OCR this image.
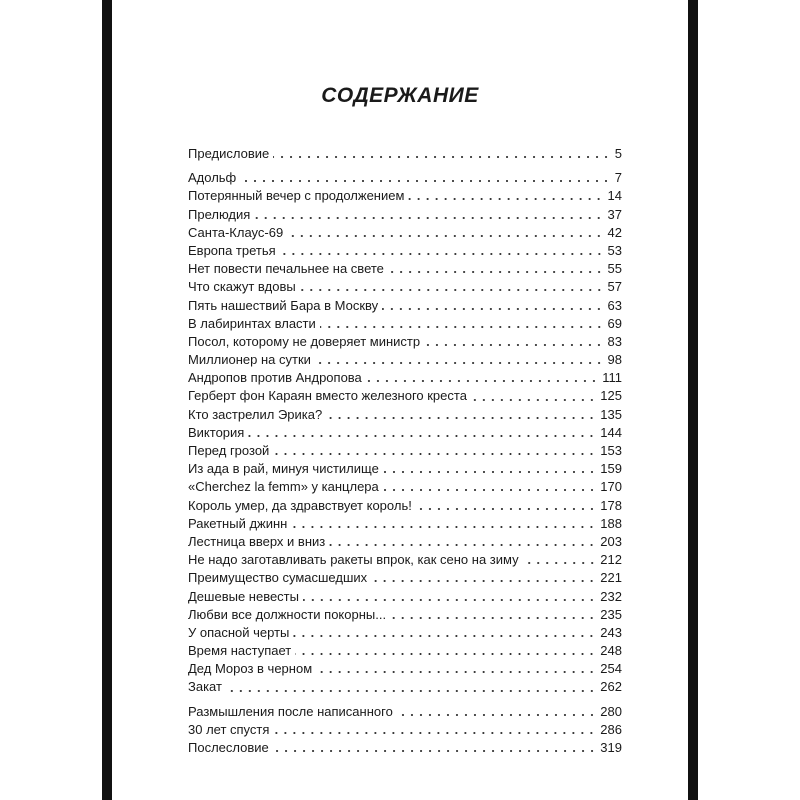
СОДЕРЖАНИЕ
Предисловие	5
Адольф	7
Потерянный вечер с продолжением	14
Прелюдия	37
Санта-Клаус-69	42
Европа третья	53
Нет повести печальнее на свете	55
Что скажут вдовы	57
Пять нашествий Бара в Москву	63
В лабиринтах власти	69
Посол, которому не доверяет министр	83
Миллионер на сутки	98
Андропов против Андропова	111
Герберт фон Караян вместо железного креста	125
Кто застрелил Эрика?	135
Виктория	144
Перед грозой	153
Из ада в рай, минуя чистилище	159
«Cherchez la femm» у канцлера	170
Король умер, да здравствует король!	178
Ракетный джинн	188
Лестница вверх и вниз	203
Не надо заготавливать ракеты впрок, как сено на зиму	212
Преимущество сумасшедших	221
Дешевые невесты	232
Любви все должности покорны...	235
У опасной черты	243
Время наступает	248
Дед Мороз в черном	254
Закат	262
Размышления после написанного	280
30 лет спустя	286
Послесловие	319
